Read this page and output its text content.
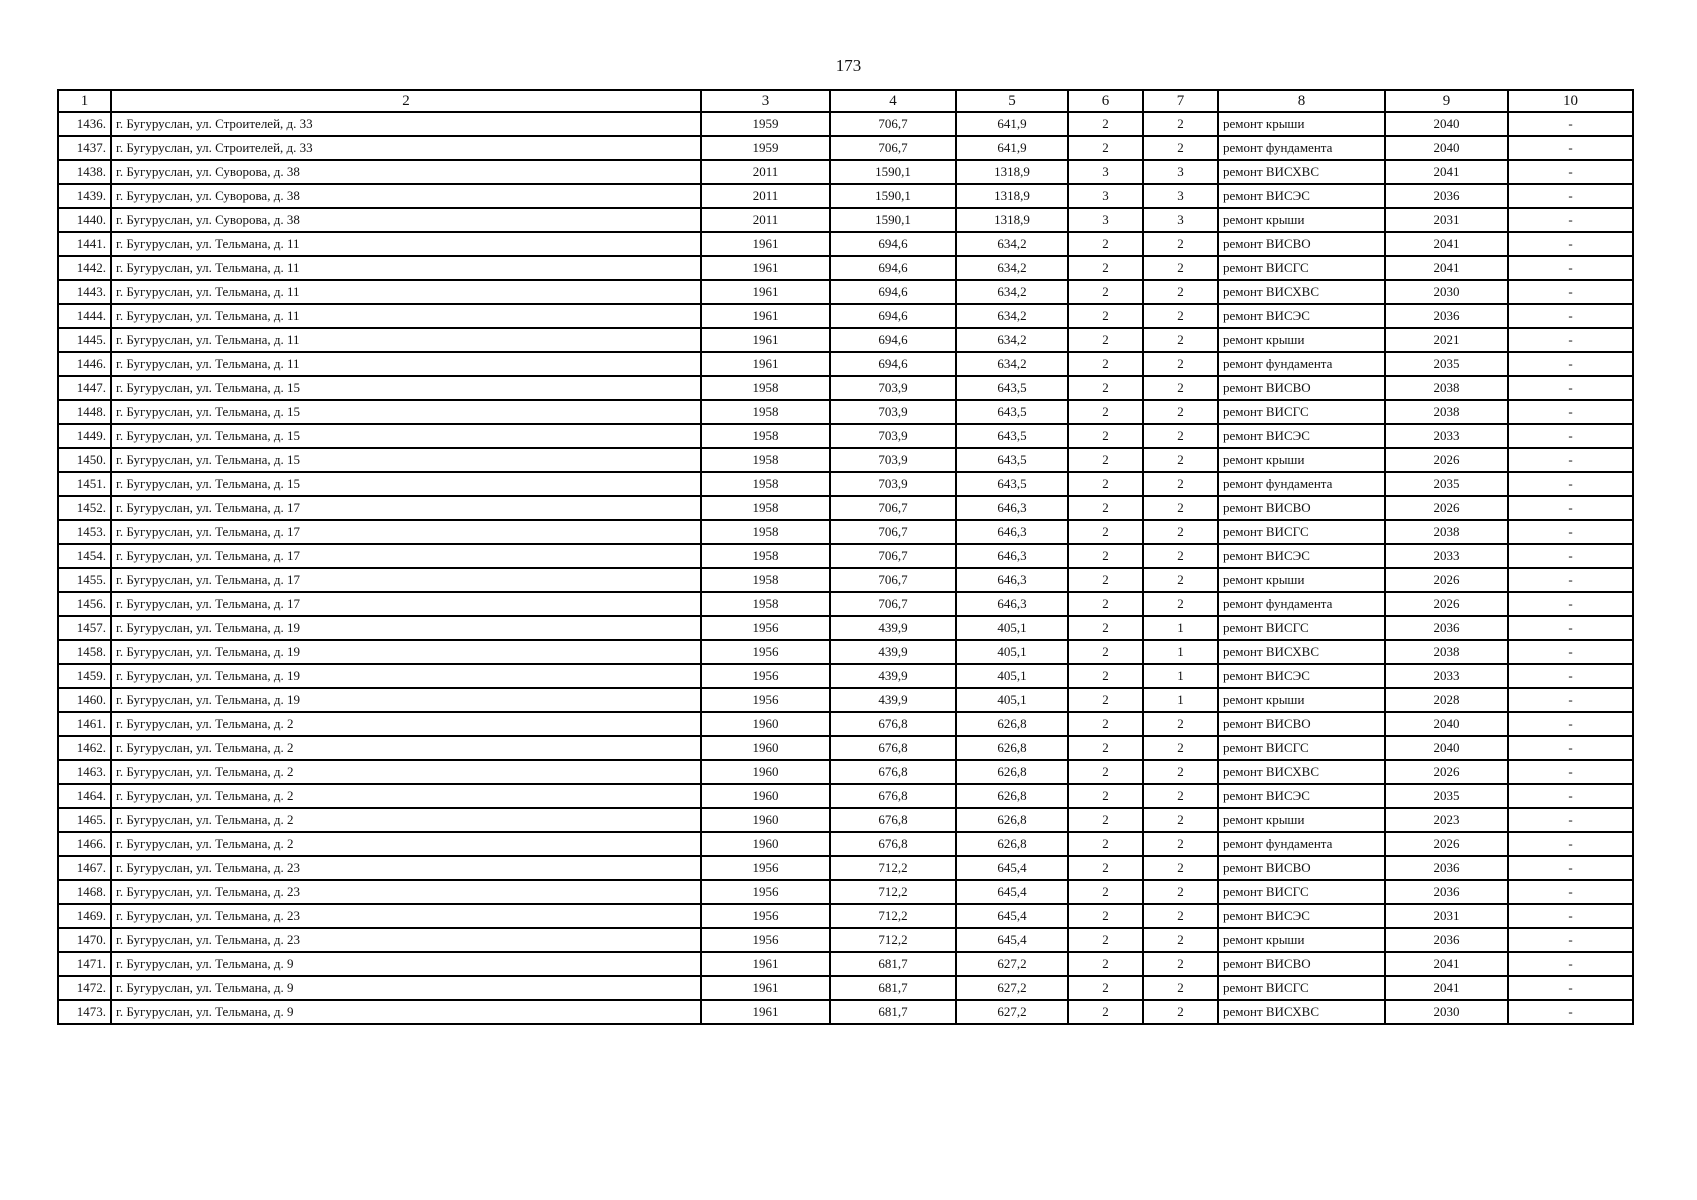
173
1	2	3	4	5	6	7	8	9	10
1436.	г. Бугуруслан, ул. Строителей, д. 33	1959	706,7	641,9	2	2	ремонт крыши	2040	-
1437.	г. Бугуруслан, ул. Строителей, д. 33	1959	706,7	641,9	2	2	ремонт фундамента	2040	-
1438.	г. Бугуруслан, ул. Суворова, д. 38	2011	1590,1	1318,9	3	3	ремонт ВИСХВС	2041	-
1439.	г. Бугуруслан, ул. Суворова, д. 38	2011	1590,1	1318,9	3	3	ремонт ВИСЭС	2036	-
1440.	г. Бугуруслан, ул. Суворова, д. 38	2011	1590,1	1318,9	3	3	ремонт крыши	2031	-
1441.	г. Бугуруслан, ул. Тельмана, д. 11	1961	694,6	634,2	2	2	ремонт ВИСВО	2041	-
1442.	г. Бугуруслан, ул. Тельмана, д. 11	1961	694,6	634,2	2	2	ремонт ВИСГС	2041	-
1443.	г. Бугуруслан, ул. Тельмана, д. 11	1961	694,6	634,2	2	2	ремонт ВИСХВС	2030	-
1444.	г. Бугуруслан, ул. Тельмана, д. 11	1961	694,6	634,2	2	2	ремонт ВИСЭС	2036	-
1445.	г. Бугуруслан, ул. Тельмана, д. 11	1961	694,6	634,2	2	2	ремонт крыши	2021	-
1446.	г. Бугуруслан, ул. Тельмана, д. 11	1961	694,6	634,2	2	2	ремонт фундамента	2035	-
1447.	г. Бугуруслан, ул. Тельмана, д. 15	1958	703,9	643,5	2	2	ремонт ВИСВО	2038	-
1448.	г. Бугуруслан, ул. Тельмана, д. 15	1958	703,9	643,5	2	2	ремонт ВИСГС	2038	-
1449.	г. Бугуруслан, ул. Тельмана, д. 15	1958	703,9	643,5	2	2	ремонт ВИСЭС	2033	-
1450.	г. Бугуруслан, ул. Тельмана, д. 15	1958	703,9	643,5	2	2	ремонт крыши	2026	-
1451.	г. Бугуруслан, ул. Тельмана, д. 15	1958	703,9	643,5	2	2	ремонт фундамента	2035	-
1452.	г. Бугуруслан, ул. Тельмана, д. 17	1958	706,7	646,3	2	2	ремонт ВИСВО	2026	-
1453.	г. Бугуруслан, ул. Тельмана, д. 17	1958	706,7	646,3	2	2	ремонт ВИСГС	2038	-
1454.	г. Бугуруслан, ул. Тельмана, д. 17	1958	706,7	646,3	2	2	ремонт ВИСЭС	2033	-
1455.	г. Бугуруслан, ул. Тельмана, д. 17	1958	706,7	646,3	2	2	ремонт крыши	2026	-
1456.	г. Бугуруслан, ул. Тельмана, д. 17	1958	706,7	646,3	2	2	ремонт фундамента	2026	-
1457.	г. Бугуруслан, ул. Тельмана, д. 19	1956	439,9	405,1	2	1	ремонт ВИСГС	2036	-
1458.	г. Бугуруслан, ул. Тельмана, д. 19	1956	439,9	405,1	2	1	ремонт ВИСХВС	2038	-
1459.	г. Бугуруслан, ул. Тельмана, д. 19	1956	439,9	405,1	2	1	ремонт ВИСЭС	2033	-
1460.	г. Бугуруслан, ул. Тельмана, д. 19	1956	439,9	405,1	2	1	ремонт крыши	2028	-
1461.	г. Бугуруслан, ул. Тельмана, д. 2	1960	676,8	626,8	2	2	ремонт ВИСВО	2040	-
1462.	г. Бугуруслан, ул. Тельмана, д. 2	1960	676,8	626,8	2	2	ремонт ВИСГС	2040	-
1463.	г. Бугуруслан, ул. Тельмана, д. 2	1960	676,8	626,8	2	2	ремонт ВИСХВС	2026	-
1464.	г. Бугуруслан, ул. Тельмана, д. 2	1960	676,8	626,8	2	2	ремонт ВИСЭС	2035	-
1465.	г. Бугуруслан, ул. Тельмана, д. 2	1960	676,8	626,8	2	2	ремонт крыши	2023	-
1466.	г. Бугуруслан, ул. Тельмана, д. 2	1960	676,8	626,8	2	2	ремонт фундамента	2026	-
1467.	г. Бугуруслан, ул. Тельмана, д. 23	1956	712,2	645,4	2	2	ремонт ВИСВО	2036	-
1468.	г. Бугуруслан, ул. Тельмана, д. 23	1956	712,2	645,4	2	2	ремонт ВИСГС	2036	-
1469.	г. Бугуруслан, ул. Тельмана, д. 23	1956	712,2	645,4	2	2	ремонт ВИСЭС	2031	-
1470.	г. Бугуруслан, ул. Тельмана, д. 23	1956	712,2	645,4	2	2	ремонт крыши	2036	-
1471.	г. Бугуруслан, ул. Тельмана, д. 9	1961	681,7	627,2	2	2	ремонт ВИСВО	2041	-
1472.	г. Бугуруслан, ул. Тельмана, д. 9	1961	681,7	627,2	2	2	ремонт ВИСГС	2041	-
1473.	г. Бугуруслан, ул. Тельмана, д. 9	1961	681,7	627,2	2	2	ремонт ВИСХВС	2030	-
